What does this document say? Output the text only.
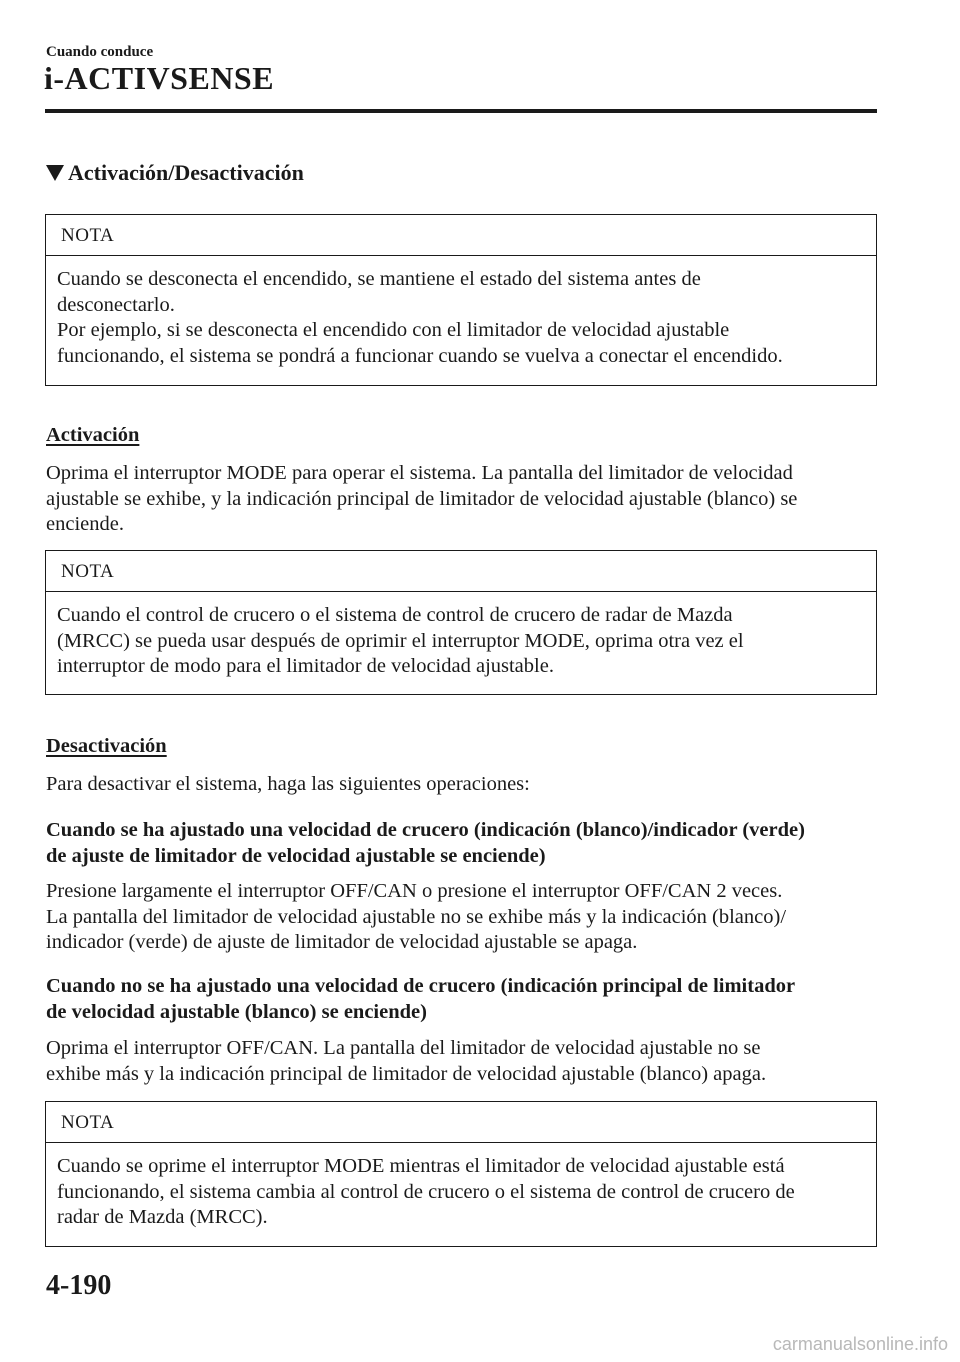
Cuando conduce
i-ACTIVSENSE
Activación/Desactivación
NOTA
Cuando se desconecta el encendido, se mantiene el estado del sistema antes de
desconectarlo.
Por ejemplo, si se desconecta el encendido con el limitador de velocidad ajustable
funcionando, el sistema se pondrá a funcionar cuando se vuelva a conectar el encendido.
Activación
Oprima el interruptor MODE para operar el sistema. La pantalla del limitador de velocidad
ajustable se exhibe, y la indicación principal de limitador de velocidad ajustable (blanco) se
enciende.
NOTA
Cuando el control de crucero o el sistema de control de crucero de radar de Mazda
(MRCC) se pueda usar después de oprimir el interruptor MODE, oprima otra vez el
interruptor de modo para el limitador de velocidad ajustable.
Desactivación
Para desactivar el sistema, haga las siguientes operaciones:
Cuando se ha ajustado una velocidad de crucero (indicación (blanco)/indicador (verde)
de ajuste de limitador de velocidad ajustable se enciende)
Presione largamente el interruptor OFF/CAN o presione el interruptor OFF/CAN 2 veces.
La pantalla del limitador de velocidad ajustable no se exhibe más y la indicación (blanco)/
indicador (verde) de ajuste de limitador de velocidad ajustable se apaga.
Cuando no se ha ajustado una velocidad de crucero (indicación principal de limitador
de velocidad ajustable (blanco) se enciende)
Oprima el interruptor OFF/CAN. La pantalla del limitador de velocidad ajustable no se
exhibe más y la indicación principal de limitador de velocidad ajustable (blanco) apaga.
NOTA
Cuando se oprime el interruptor MODE mientras el limitador de velocidad ajustable está
funcionando, el sistema cambia al control de crucero o el sistema de control de crucero de
radar de Mazda (MRCC).
4-190
carmanualsonline.info
